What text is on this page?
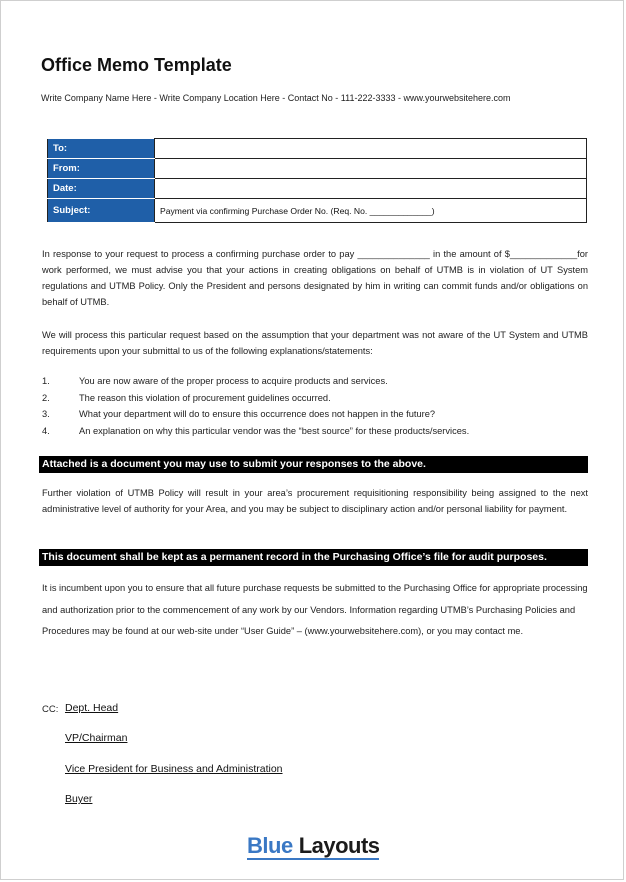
Office Memo Template
Write Company Name Here - Write Company Location Here - Contact No - 111-222-3333 - www.yourwebsitehere.com
To:	
From:	
Date:	
Subject:	Payment via confirming Purchase Order No. (Req. No. _____________)
In response to your request to process a confirming purchase order to pay ______________ in the amount of $_____________for work performed, we must advise you that your actions in creating obligations on behalf of UTMB is in violation of UT System regulations and UTMB Policy. Only the President and persons designated by him in writing can commit funds and/or obligations on behalf of UTMB.
We will process this particular request based on the assumption that your department was not aware of the UT System and UTMB requirements upon your submittal to us of the following explanations/statements:
1.	You are now aware of the proper process to acquire products and services.
2.	The reason this violation of procurement guidelines occurred.
3.	What your department will do to ensure this occurrence does not happen in the future?
4.	An explanation on why this particular vendor was the “best source” for these products/services.
Attached is a document you may use to submit your responses to the above.
Further violation of UTMB Policy will result in your area’s procurement requisitioning responsibility being assigned to the next administrative level of authority for your Area, and you may be subject to disciplinary action and/or personal liability for payment.
This document shall be kept as a permanent record in the Purchasing Office’s file for audit purposes.
It is incumbent upon you to ensure that all future purchase requests be submitted to the Purchasing Office for appropriate processing and authorization prior to the commencement of any work by our Vendors. Information regarding UTMB’s Purchasing Policies and Procedures may be found at our web-site under “User Guide” – (www.yourwebsitehere.com), or you may contact me.
CC: Dept. Head
VP/Chairman
Vice President for Business and Administration
Buyer
Blue Layouts
